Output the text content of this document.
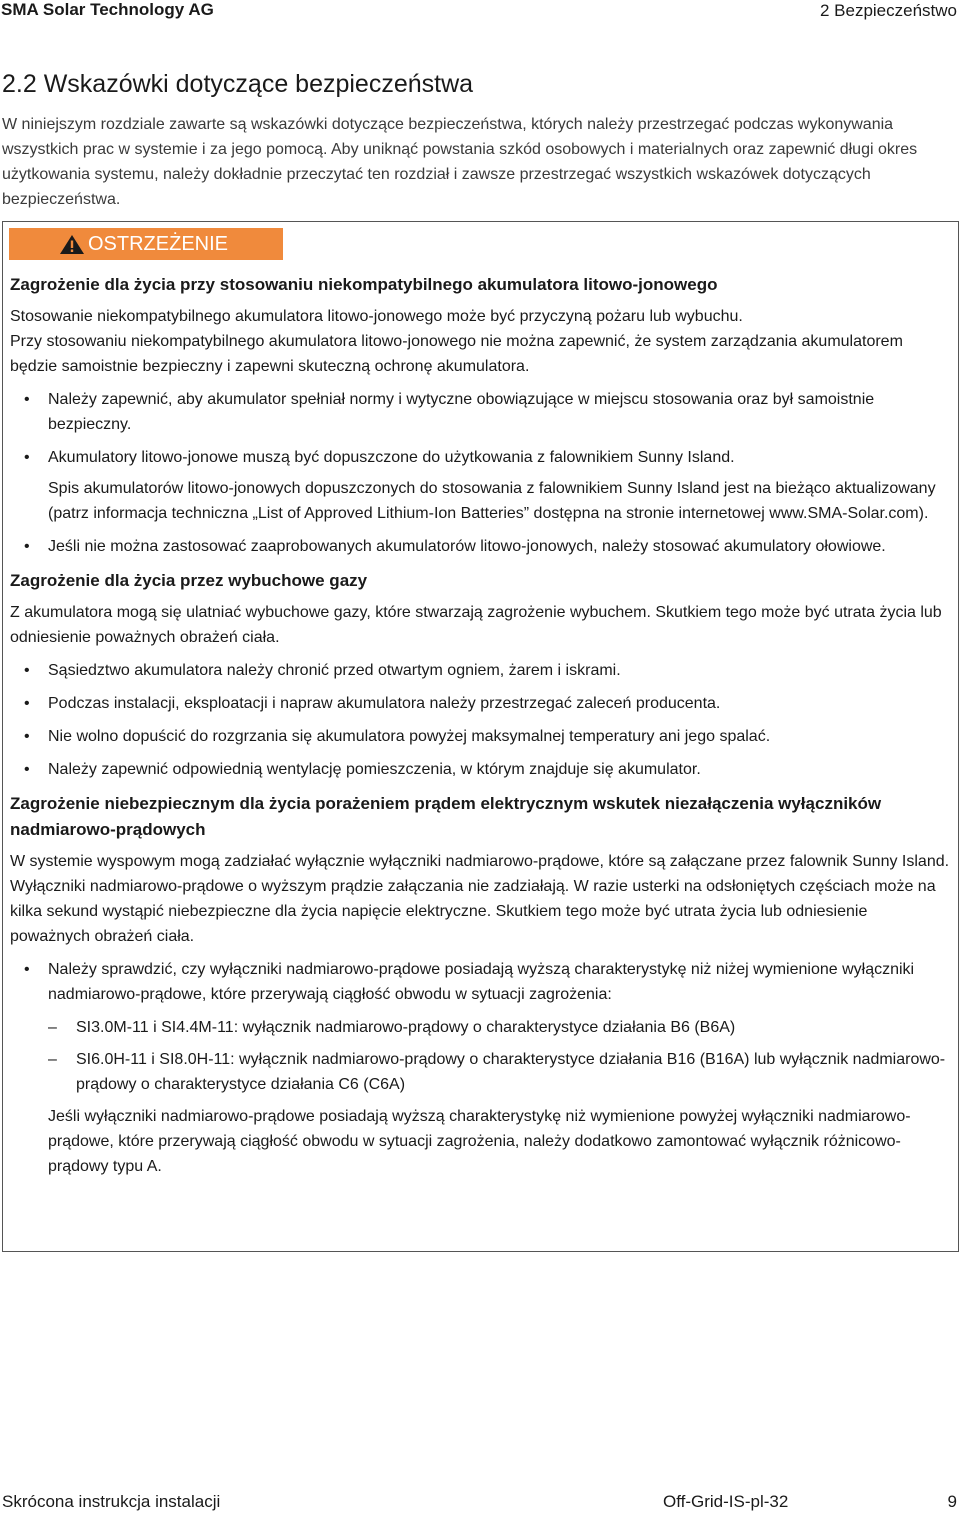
SMA Solar Technology AG	2 Bezpieczeństwo
2.2 Wskazówki dotyczące bezpieczeństwa
W niniejszym rozdziale zawarte są wskazówki dotyczące bezpieczeństwa, których należy przestrzegać podczas wykonywania wszystkich prac w systemie i za jego pomocą. Aby uniknąć powstania szkód osobowych i materialnych oraz zapewnić długi okres użytkowania systemu, należy dokładnie przeczytać ten rozdział i zawsze przestrzegać wszystkich wskazówek dotyczących bezpieczeństwa.
OSTRZEŻENIE
Zagrożenie dla życia przy stosowaniu niekompatybilnego akumulatora litowo-jonowego
Stosowanie niekompatybilnego akumulatora litowo-jonowego może być przyczyną pożaru lub wybuchu.
Przy stosowaniu niekompatybilnego akumulatora litowo-jonowego nie można zapewnić, że system zarządzania akumulatorem będzie samoistnie bezpieczny i zapewni skuteczną ochronę akumulatora.
• Należy zapewnić, aby akumulator spełniał normy i wytyczne obowiązujące w miejscu stosowania oraz był samoistnie bezpieczny.
• Akumulatory litowo-jonowe muszą być dopuszczone do użytkowania z falownikiem Sunny Island.
Spis akumulatorów litowo-jonowych dopuszczonych do stosowania z falownikiem Sunny Island jest na bieżąco aktualizowany (patrz informacja techniczna „List of Approved Lithium-Ion Batteries” dostępna na stronie internetowej www.SMA-Solar.com).
• Jeśli nie można zastosować zaaprobowanych akumulatorów litowo-jonowych, należy stosować akumulatory ołowiowe.
Zagrożenie dla życia przez wybuchowe gazy
Z akumulatora mogą się ulatniać wybuchowe gazy, które stwarzają zagrożenie wybuchem. Skutkiem tego może być utrata życia lub odniesienie poważnych obrażeń ciała.
• Sąsiedztwo akumulatora należy chronić przed otwartym ogniem, żarem i iskrami.
• Podczas instalacji, eksploatacji i napraw akumulatora należy przestrzegać zaleceń producenta.
• Nie wolno dopuścić do rozgrzania się akumulatora powyżej maksymalnej temperatury ani jego spalać.
• Należy zapewnić odpowiednią wentylację pomieszczenia, w którym znajduje się akumulator.
Zagrożenie niebezpiecznym dla życia porażeniem prądem elektrycznym wskutek niezałączenia wyłączników nadmiarowo-prądowych
W systemie wyspowym mogą zadziałać wyłącznie wyłączniki nadmiarowo-prądowe, które są załączane przez falownik Sunny Island. Wyłączniki nadmiarowo-prądowe o wyższym prądzie załączania nie zadziałają. W razie usterki na odsłoniętych częściach może na kilka sekund wystąpić niebezpieczne dla życia napięcie elektryczne. Skutkiem tego może być utrata życia lub odniesienie poważnych obrażeń ciała.
• Należy sprawdzić, czy wyłączniki nadmiarowo-prądowe posiadają wyższą charakterystykę niż niżej wymienione wyłączniki nadmiarowo-prądowe, które przerywają ciągłość obwodu w sytuacji zagrożenia:
– SI3.0M-11 i SI4.4M-11: wyłącznik nadmiarowo-prądowy o charakterystyce działania B6 (B6A)
– SI6.0H-11 i SI8.0H-11: wyłącznik nadmiarowo-prądowy o charakterystyce działania B16 (B16A) lub wyłącznik nadmiarowo-prądowy o charakterystyce działania C6 (C6A)
Jeśli wyłączniki nadmiarowo-prądowe posiadają wyższą charakterystykę niż wymienione powyżej wyłączniki nadmiarowo-prądowe, które przerywają ciągłość obwodu w sytuacji zagrożenia, należy dodatkowo zamontować wyłącznik różnicowo-prądowy typu A.
Skrócona instrukcja instalacji	Off-Grid-IS-pl-32	9
